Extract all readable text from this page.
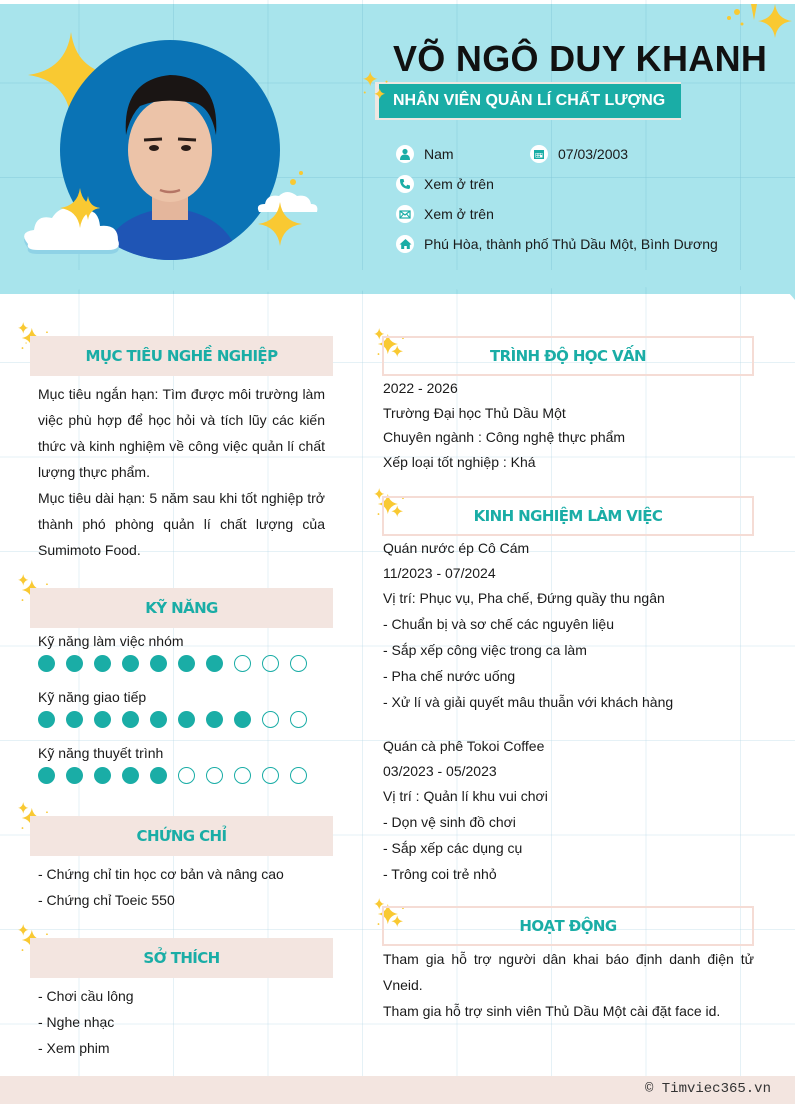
VÕ NGÔ DUY KHANH
NHÂN VIÊN QUẢN LÍ CHẤT LƯỢNG
Nam	07/03/2003
Xem ở trên
Xem ở trên
Phú Hòa, thành phố Thủ Dầu Một, Bình Dương
MỤC TIÊU NGHỀ NGHIỆP
Mục tiêu ngắn hạn: Tìm được môi trường làm việc phù hợp để học hỏi và tích lũy các kiến thức và kinh nghiệm về công việc quản lí chất lượng thực phẩm.
Mục tiêu dài hạn: 5 năm sau khi tốt nghiệp trở thành phó phòng quản lí chất lượng của Sumimoto Food.
KỸ NĂNG
Kỹ năng làm việc nhóm
Kỹ năng giao tiếp
Kỹ năng thuyết trình
CHỨNG CHỈ
- Chứng chỉ tin học cơ bản và nâng cao
- Chứng chỉ Toeic 550
SỞ THÍCH
- Chơi cầu lông
- Nghe nhạc
- Xem phim
TRÌNH ĐỘ HỌC VẤN
2022 - 2026
Trường Đại học Thủ Dầu Một
Chuyên ngành : Công nghệ thực phẩm
Xếp loại tốt nghiệp : Khá
KINH NGHIỆM LÀM VIỆC
Quán nước ép Cô Cám
11/2023 - 07/2024
Vị trí: Phục vụ, Pha chế, Đứng quầy thu ngân
- Chuẩn bị và sơ chế các nguyên liệu
- Sắp xếp công việc trong ca làm
- Pha chế nước uống
- Xử lí và giải quyết mâu thuẫn với khách hàng
Quán cà phê Tokoi Coffee
03/2023 - 05/2023
Vị trí : Quản lí khu vui chơi
- Dọn vệ sinh đồ chơi
- Sắp xếp các dụng cụ
- Trông coi trẻ nhỏ
HOẠT ĐỘNG
Tham gia hỗ trợ người dân khai báo định danh điện tử Vneid.
Tham gia hỗ trợ sinh viên Thủ Dầu Một cài đặt face id.
© Timviec365.vn
